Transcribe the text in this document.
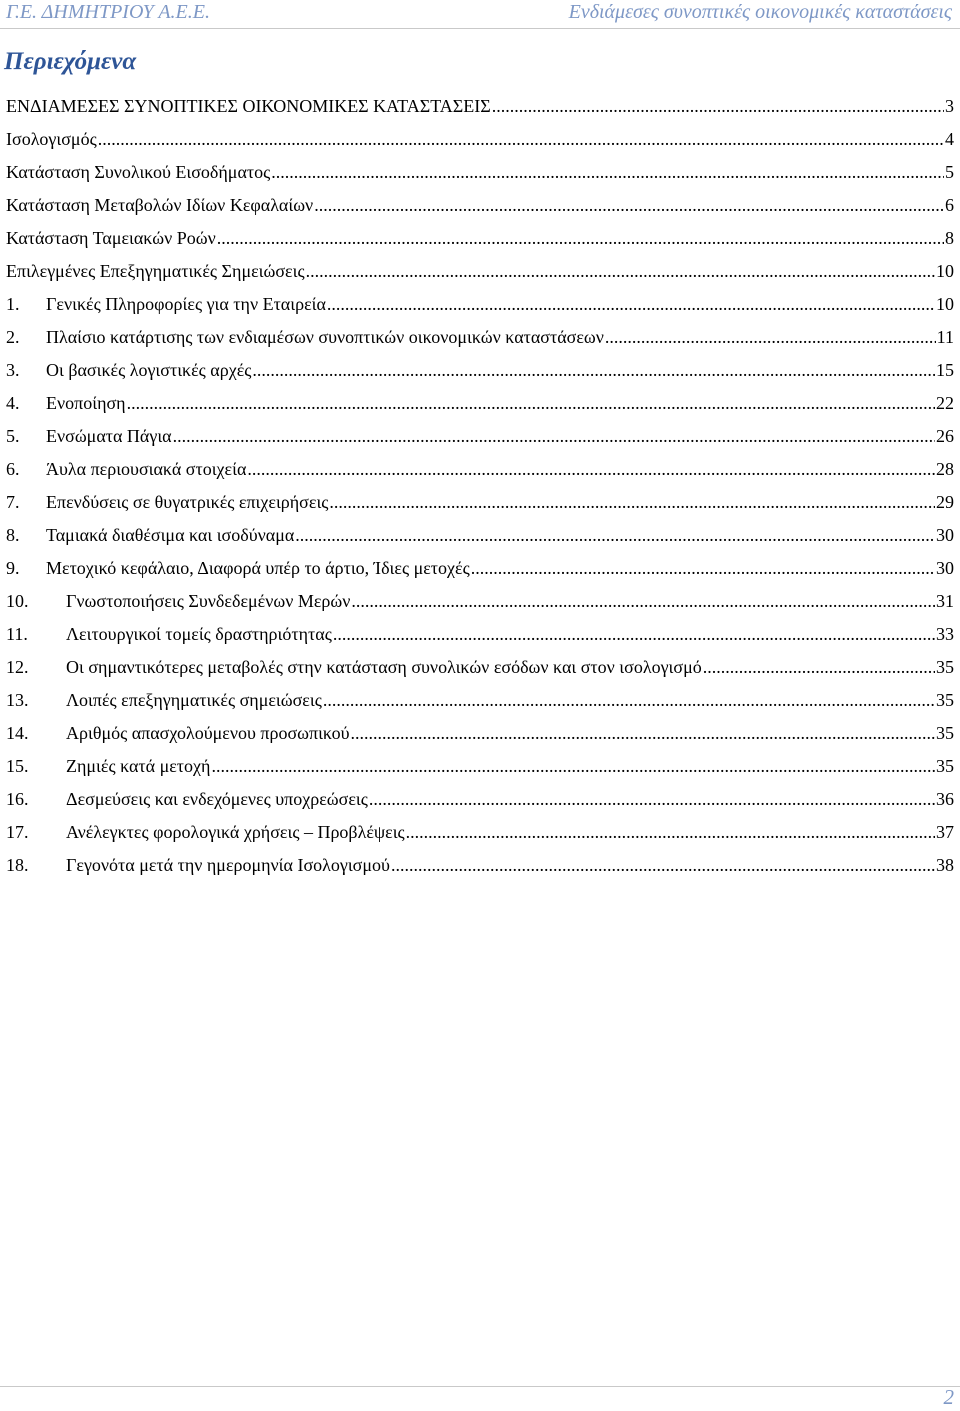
Γ.Ε. ΔΗΜΗΤΡΙΟΥ Α.Ε.Ε.	Ενδιάμεσες συνοπτικές οικονομικές καταστάσεις
Περιεχόμενα
ΕΝΔΙΑΜΕΣΕΣ ΣΥΝΟΠΤΙΚΕΣ ΟΙΚΟΝΟΜΙΚΕΣ ΚΑΤΑΣΤΑΣΕΙΣ .....	3
Ισολογισμός .....	4
Κατάσταση Συνολικού Εισοδήματος .....	5
Κατάσταση Μεταβολών Ιδίων Κεφαλαίων .....	6
Κατάστaση Ταμειακών Ροών .....	8
Επιλεγμένες Επεξηγηματικές Σημειώσεις .....	10
1.	Γενικές Πληροφορίες για την Εταιρεία .....	10
2.	Πλαίσιο κατάρτισης των ενδιαμέσων συνοπτικών οικονομικών καταστάσεων .....	11
3.	Οι βασικές λογιστικές αρχές .....	15
4.	Ενοποίηση .....	22
5.	Ενσώματα Πάγια .....	26
6.	Άυλα περιουσιακά στοιχεία .....	28
7.	Επενδύσεις σε θυγατρικές επιχειρήσεις .....	29
8.	Ταμιακά διαθέσιμα και ισοδύναμα .....	30
9.	Μετοχικό κεφάλαιο, Διαφορά υπέρ το άρτιο, Ίδιες μετοχές .....	30
10.	Γνωστοποιήσεις Συνδεδεμένων Μερών .....	31
11.	Λειτουργικοί τομείς δραστηριότητας .....	33
12.	Οι σημαντικότερες μεταβολές στην κατάσταση συνολικών εσόδων και στον ισολογισμό .....	35
13.	Λοιπές επεξηγηματικές σημειώσεις .....	35
14.	Αριθμός απασχολούμενου προσωπικού .....	35
15.	Ζημιές κατά μετοχή .....	35
16.	Δεσμεύσεις και ενδεχόμενες υποχρεώσεις .....	36
17.	Ανέλεγκτες φορολογικά χρήσεις – Προβλέψεις .....	37
18.	Γεγονότα μετά την ημερομηνία Ισολογισμού .....	38
2
